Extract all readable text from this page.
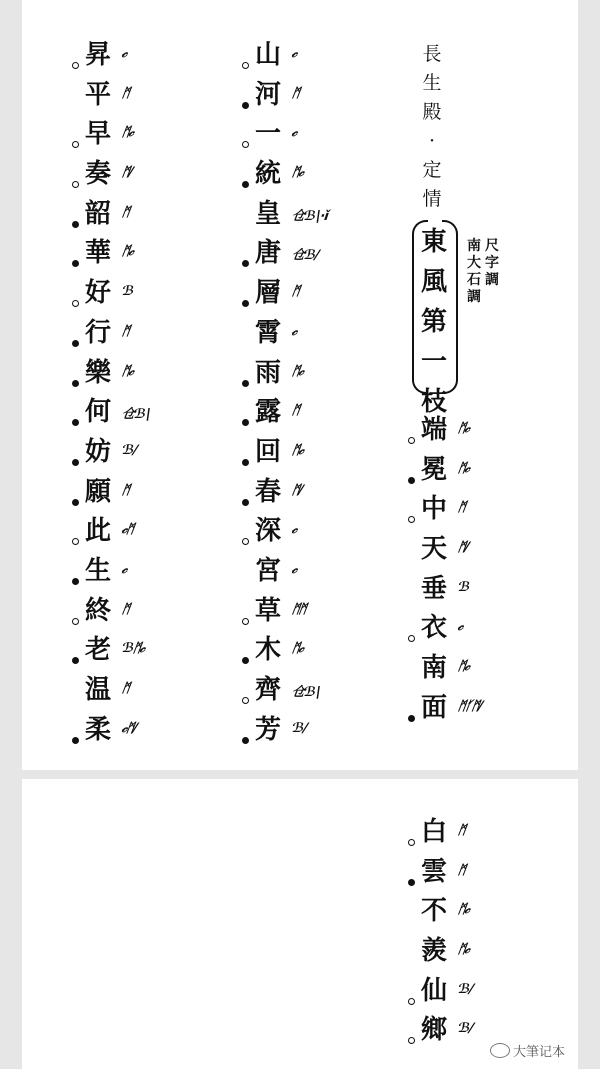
長
生
殿
·
定
情
東
風
第
一
枝
尺
字
調
南
大
石
調
端 ᛗ𝒸
冕 ᛗ𝒸
中 ᛗ
天 ᛗ/
垂 ℬ
衣 𝒸
南 ᛗ𝒸
面 ᛗᚶᛗ/
山 𝒸
河 ᛗ
一 𝒸
統 ᛗ𝒸
皇 仓ℬ∣·ǐ
唐 仓ℬ/
層 ᛗ
霄 𝒸
雨 ᛗ𝒸
露 ᛗ
回 ᛗ𝒸
春 ᛗ/
深 𝒸
宮 𝒸
草 ᛗᛗ
木 ᛗ𝒸
齊 仓ℬ∣
芳 ℬ/
昇 𝒸
平 ᛗ
早 ᛗ𝒸
奏 ᛗ/
韶 ᛗ
華 ᛗ𝒸
好 ℬ
行 ᛗ
樂 ᛗ𝒸
何 仓ℬ∣
妨 ℬ/
願 ᛗ
此 𝒸ᛗ
生 𝒸
終 ᛗ
老 ℬᛗ𝒸
温 ᛗ
柔 𝒸ᛗ/
白 ᛗ
雲 ᛗ
不 ᛗ𝒸
羨 ᛗ𝒸
仙 ℬ/
鄉 ℬ/
大筆记本
